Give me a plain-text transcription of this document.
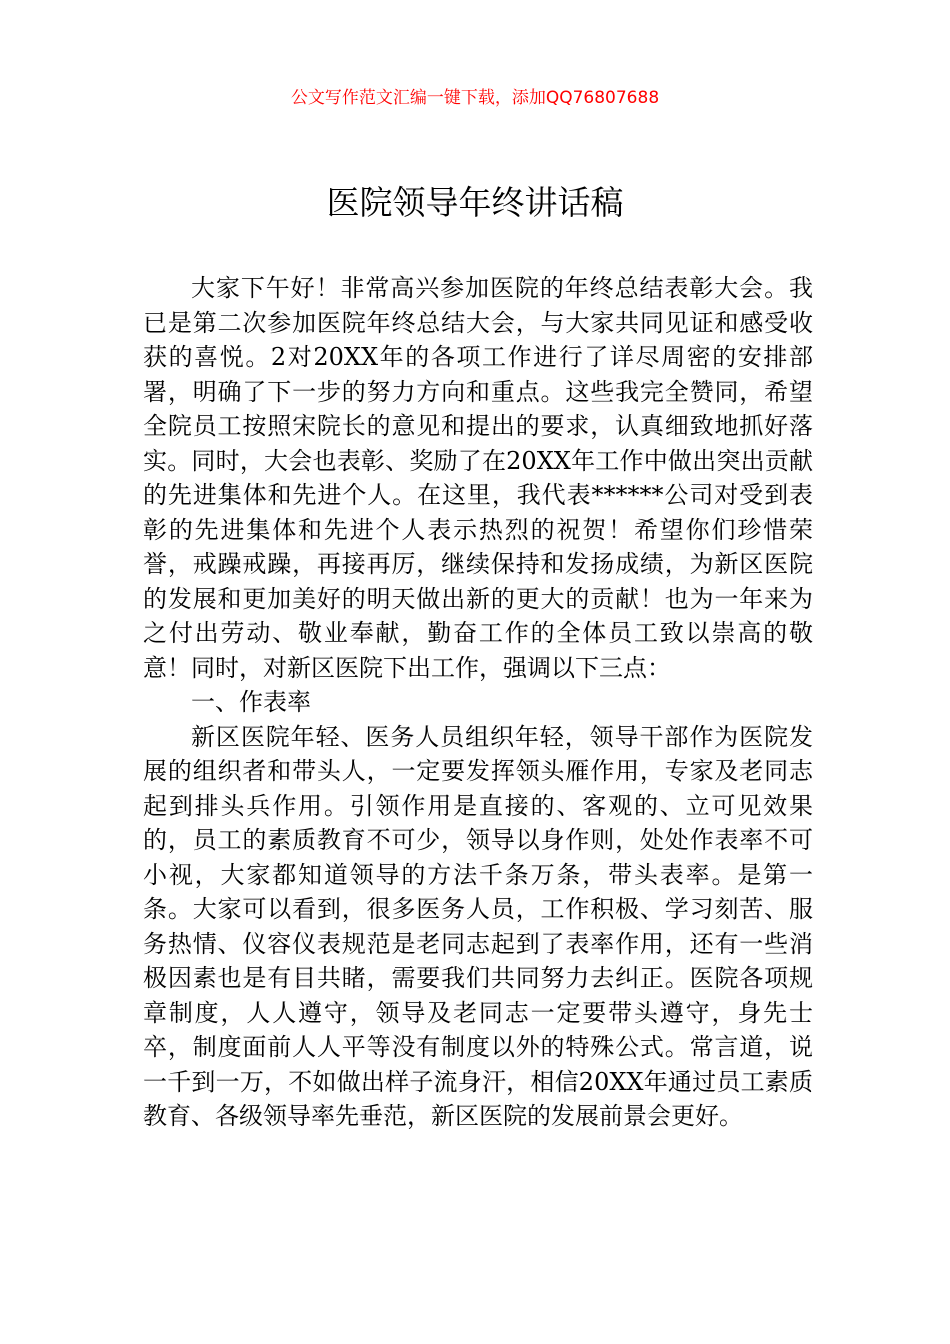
公文写作范文汇编一键下载，添加QQ76807688
医院领导年终讲话稿

大家下午好！非常高兴参加医院的年终总结表彰大会。我已是第二次参加医院年终总结大会，与大家共同见证和感受收获的喜悦。2对20XX年的各项工作进行了详尽周密的安排部署，明确了下一步的努力方向和重点。这些我完全赞同，希望全院员工按照宋院长的意见和提出的要求，认真细致地抓好落实。同时，大会也表彰、奖励了在20XX年工作中做出突出贡献的先进集体和先进个人。在这里，我代表******公司对受到表彰的先进集体和先进个人表示热烈的祝贺！希望你们珍惜荣誉，戒躁戒躁，再接再厉，继续保持和发扬成绩，为新区医院的发展和更加美好的明天做出新的更大的贡献！也为一年来为之付出劳动、敬业奉献，勤奋工作的全体员工致以崇高的敬意！同时，对新区医院下出工作，强调以下三点：

一、作表率

新区医院年轻、医务人员组织年轻，领导干部作为医院发展的组织者和带头人，一定要发挥领头雁作用，专家及老同志起到排头兵作用。引领作用是直接的、客观的、立可见效果的，员工的素质教育不可少，领导以身作则，处处作表率不可小视，大家都知道领导的方法千条万条，带头表率。是第一条。大家可以看到，很多医务人员，工作积极、学习刻苦、服务热情、仪容仪表规范是老同志起到了表率作用，还有一些消极因素也是有目共睹，需要我们共同努力去纠正。医院各项规章制度，人人遵守，领导及老同志一定要带头遵守，身先士卒，制度面前人人平等没有制度以外的特殊公式。常言道，说一千到一万，不如做出样子流身汗，相信20XX年通过员工素质教育、各级领导率先垂范，新区医院的发展前景会更好。
